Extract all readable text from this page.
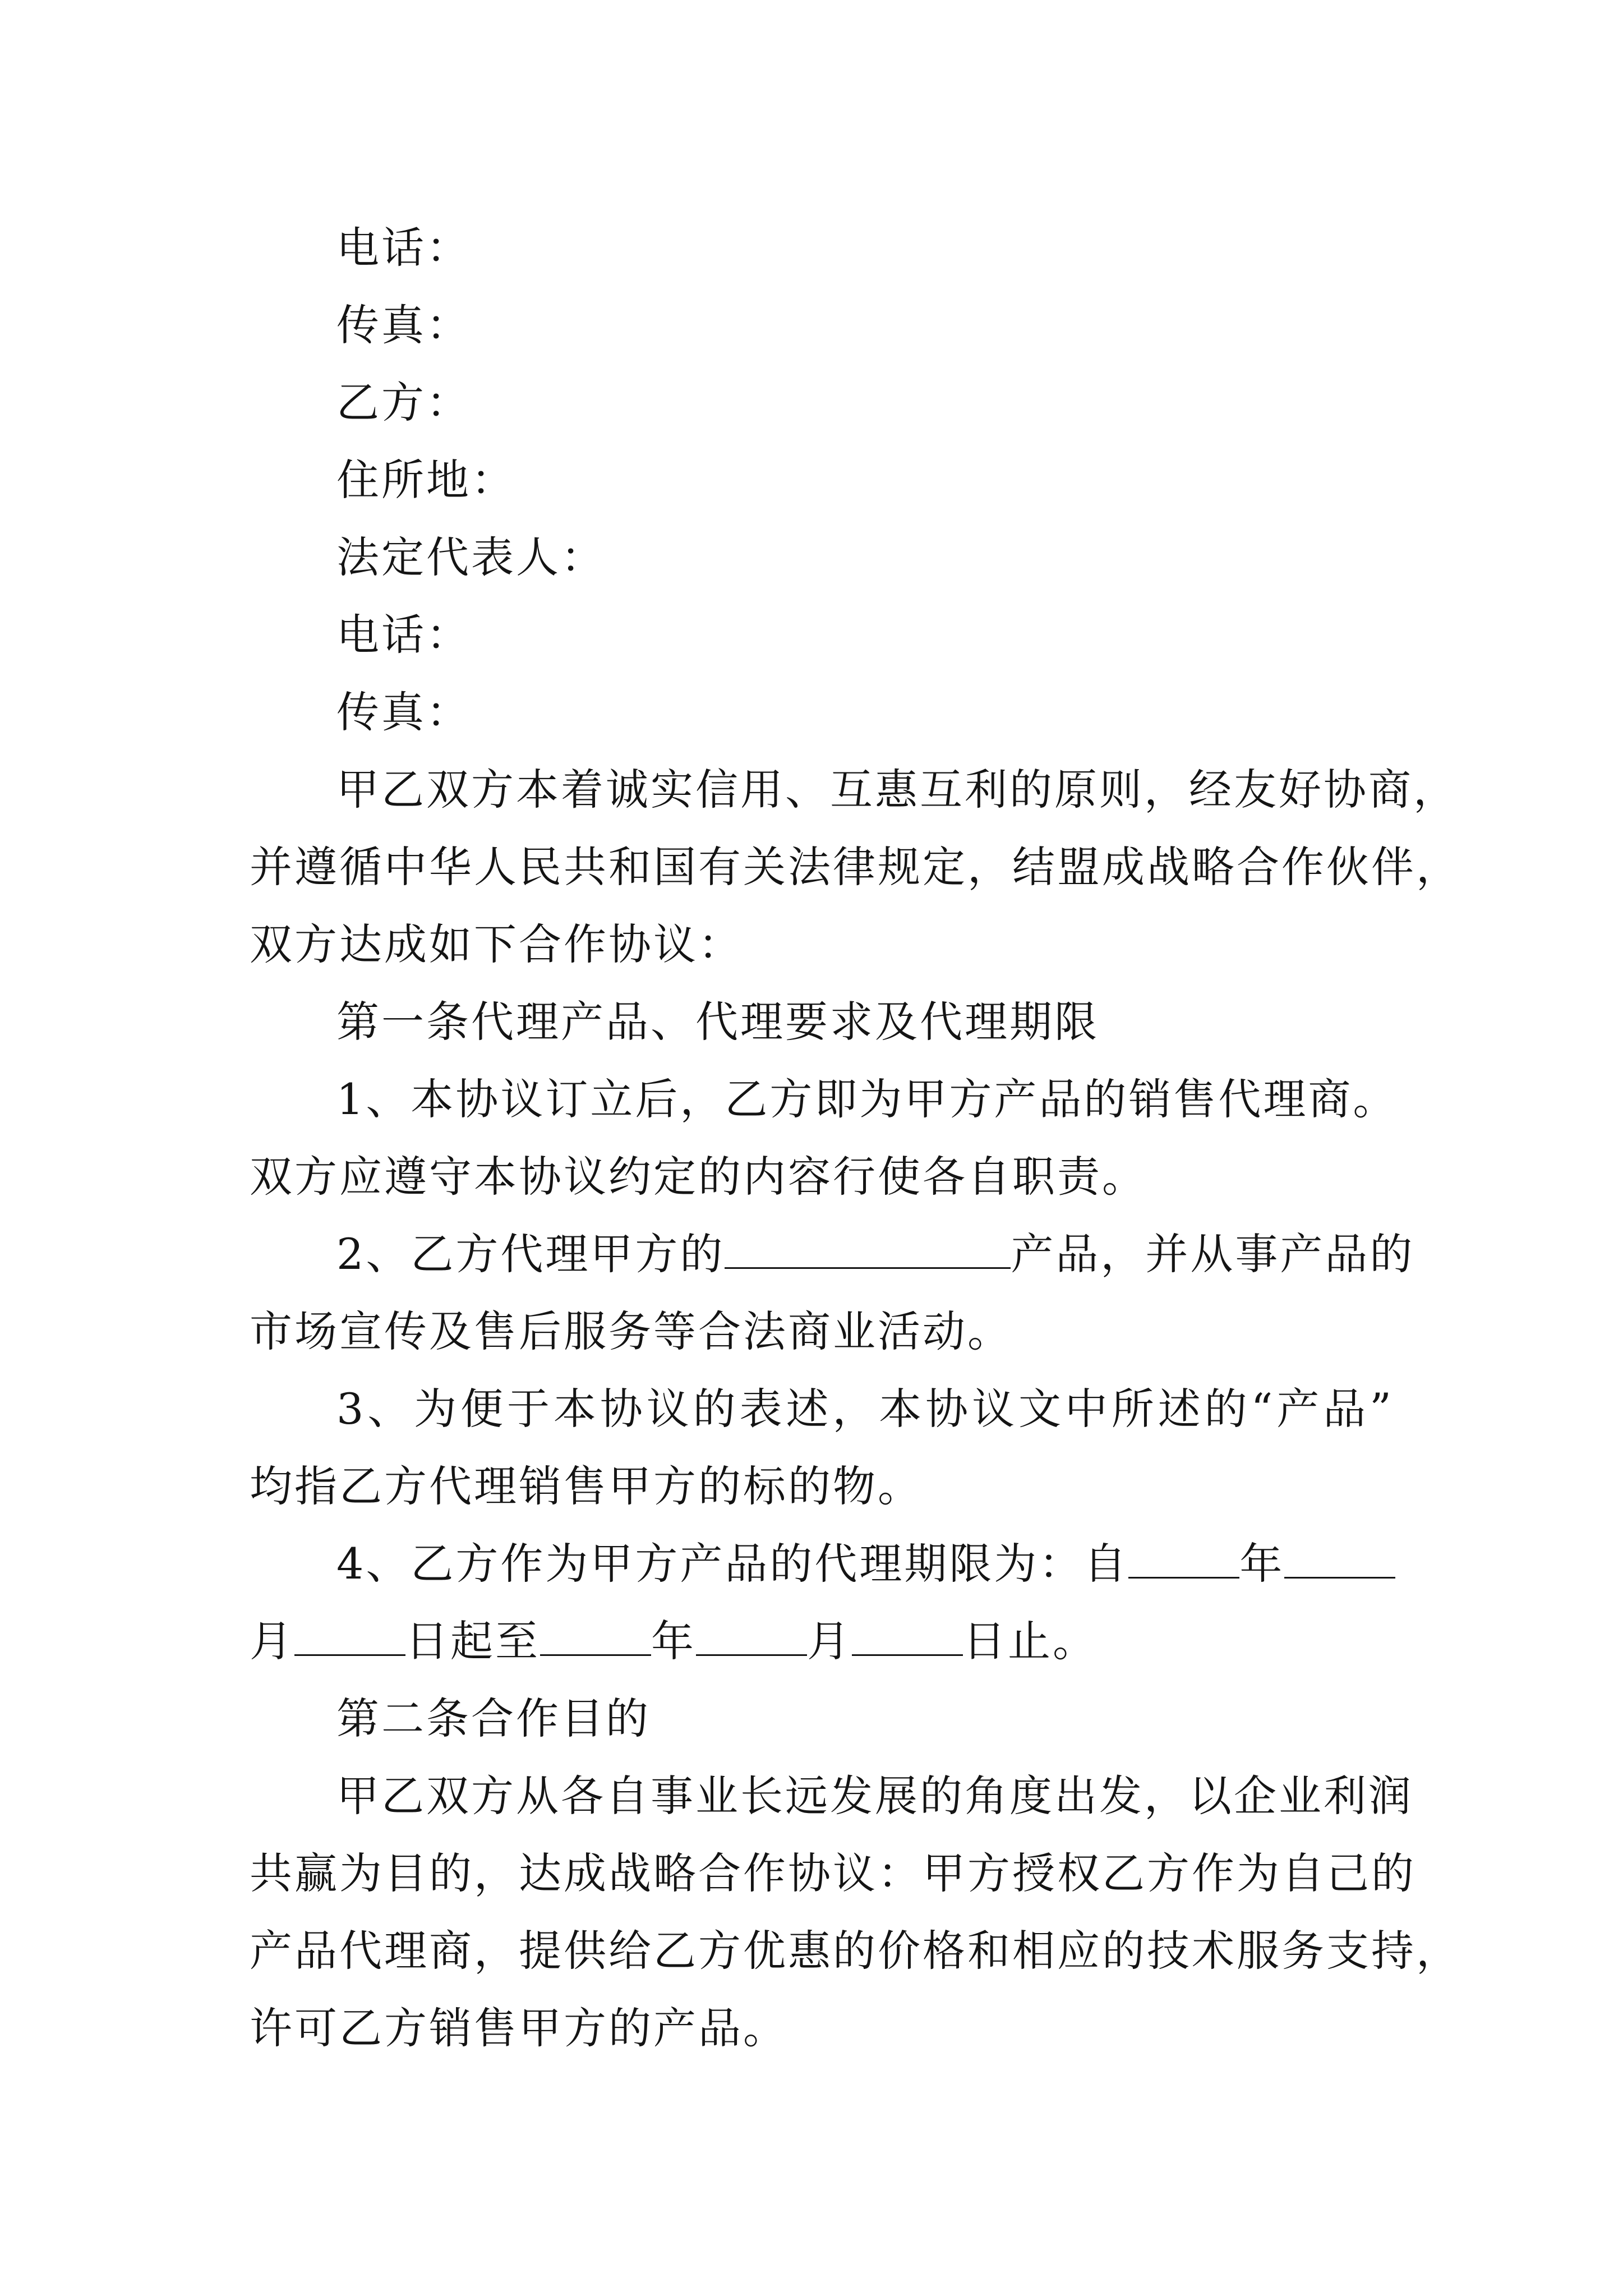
电话：
传真：
乙方：
住所地：
法定代表人：
电话：
传真：
甲乙双方本着诚实信用、互惠互利的原则，经友好协商，
并遵循中华人民共和国有关法律规定，结盟成战略合作伙伴，
双方达成如下合作协议：
第一条代理产品、代理要求及代理期限
1、本协议订立后，乙方即为甲方产品的销售代理商。
双方应遵守本协议约定的内容行使各自职责。
2、乙方代理甲方的	产品，并从事产品的
市场宣传及售后服务等合法商业活动。
3、为便于本协议的表述，本协议文中所述的“产品”
均指乙方代理销售甲方的标的物。
4、乙方作为甲方产品的代理期限为：自	年
月	日起至	年	月	日止。
第二条合作目的
甲乙双方从各自事业长远发展的角度出发，以企业利润
共赢为目的，达成战略合作协议：甲方授权乙方作为自己的
产品代理商，提供给乙方优惠的价格和相应的技术服务支持，
许可乙方销售甲方的产品。
